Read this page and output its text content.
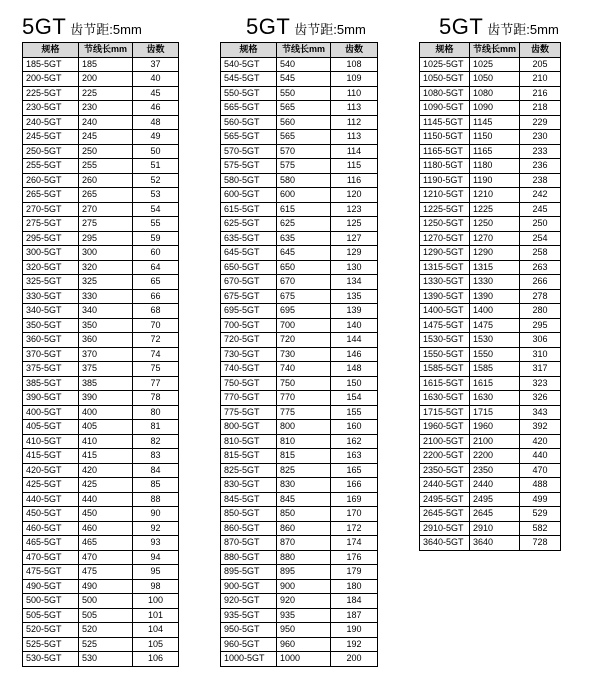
5GT 齿节距:5mm
规格	节线长mm	齿数
185-5GT	185	37
200-5GT	200	40
225-5GT	225	45
230-5GT	230	46
240-5GT	240	48
245-5GT	245	49
250-5GT	250	50
255-5GT	255	51
260-5GT	260	52
265-5GT	265	53
270-5GT	270	54
275-5GT	275	55
295-5GT	295	59
300-5GT	300	60
320-5GT	320	64
325-5GT	325	65
330-5GT	330	66
340-5GT	340	68
350-5GT	350	70
360-5GT	360	72
370-5GT	370	74
375-5GT	375	75
385-5GT	385	77
390-5GT	390	78
400-5GT	400	80
405-5GT	405	81
410-5GT	410	82
415-5GT	415	83
420-5GT	420	84
425-5GT	425	85
440-5GT	440	88
450-5GT	450	90
460-5GT	460	92
465-5GT	465	93
470-5GT	470	94
475-5GT	475	95
490-5GT	490	98
500-5GT	500	100
505-5GT	505	101
520-5GT	520	104
525-5GT	525	105
530-5GT	530	106
5GT 齿节距:5mm
规格	节线长mm	齿数
540-5GT	540	108
545-5GT	545	109
550-5GT	550	110
565-5GT	565	113
560-5GT	560	112
565-5GT	565	113
570-5GT	570	114
575-5GT	575	115
580-5GT	580	116
600-5GT	600	120
615-5GT	615	123
625-5GT	625	125
635-5GT	635	127
645-5GT	645	129
650-5GT	650	130
670-5GT	670	134
675-5GT	675	135
695-5GT	695	139
700-5GT	700	140
720-5GT	720	144
730-5GT	730	146
740-5GT	740	148
750-5GT	750	150
770-5GT	770	154
775-5GT	775	155
800-5GT	800	160
810-5GT	810	162
815-5GT	815	163
825-5GT	825	165
830-5GT	830	166
845-5GT	845	169
850-5GT	850	170
860-5GT	860	172
870-5GT	870	174
880-5GT	880	176
895-5GT	895	179
900-5GT	900	180
920-5GT	920	184
935-5GT	935	187
950-5GT	950	190
960-5GT	960	192
1000-5GT	1000	200
5GT 齿节距:5mm
规格	节线长mm	齿数
1025-5GT	1025	205
1050-5GT	1050	210
1080-5GT	1080	216
1090-5GT	1090	218
1145-5GT	1145	229
1150-5GT	1150	230
1165-5GT	1165	233
1180-5GT	1180	236
1190-5GT	1190	238
1210-5GT	1210	242
1225-5GT	1225	245
1250-5GT	1250	250
1270-5GT	1270	254
1290-5GT	1290	258
1315-5GT	1315	263
1330-5GT	1330	266
1390-5GT	1390	278
1400-5GT	1400	280
1475-5GT	1475	295
1530-5GT	1530	306
1550-5GT	1550	310
1585-5GT	1585	317
1615-5GT	1615	323
1630-5GT	1630	326
1715-5GT	1715	343
1960-5GT	1960	392
2100-5GT	2100	420
2200-5GT	2200	440
2350-5GT	2350	470
2440-5GT	2440	488
2495-5GT	2495	499
2645-5GT	2645	529
2910-5GT	2910	582
3640-5GT	3640	728
